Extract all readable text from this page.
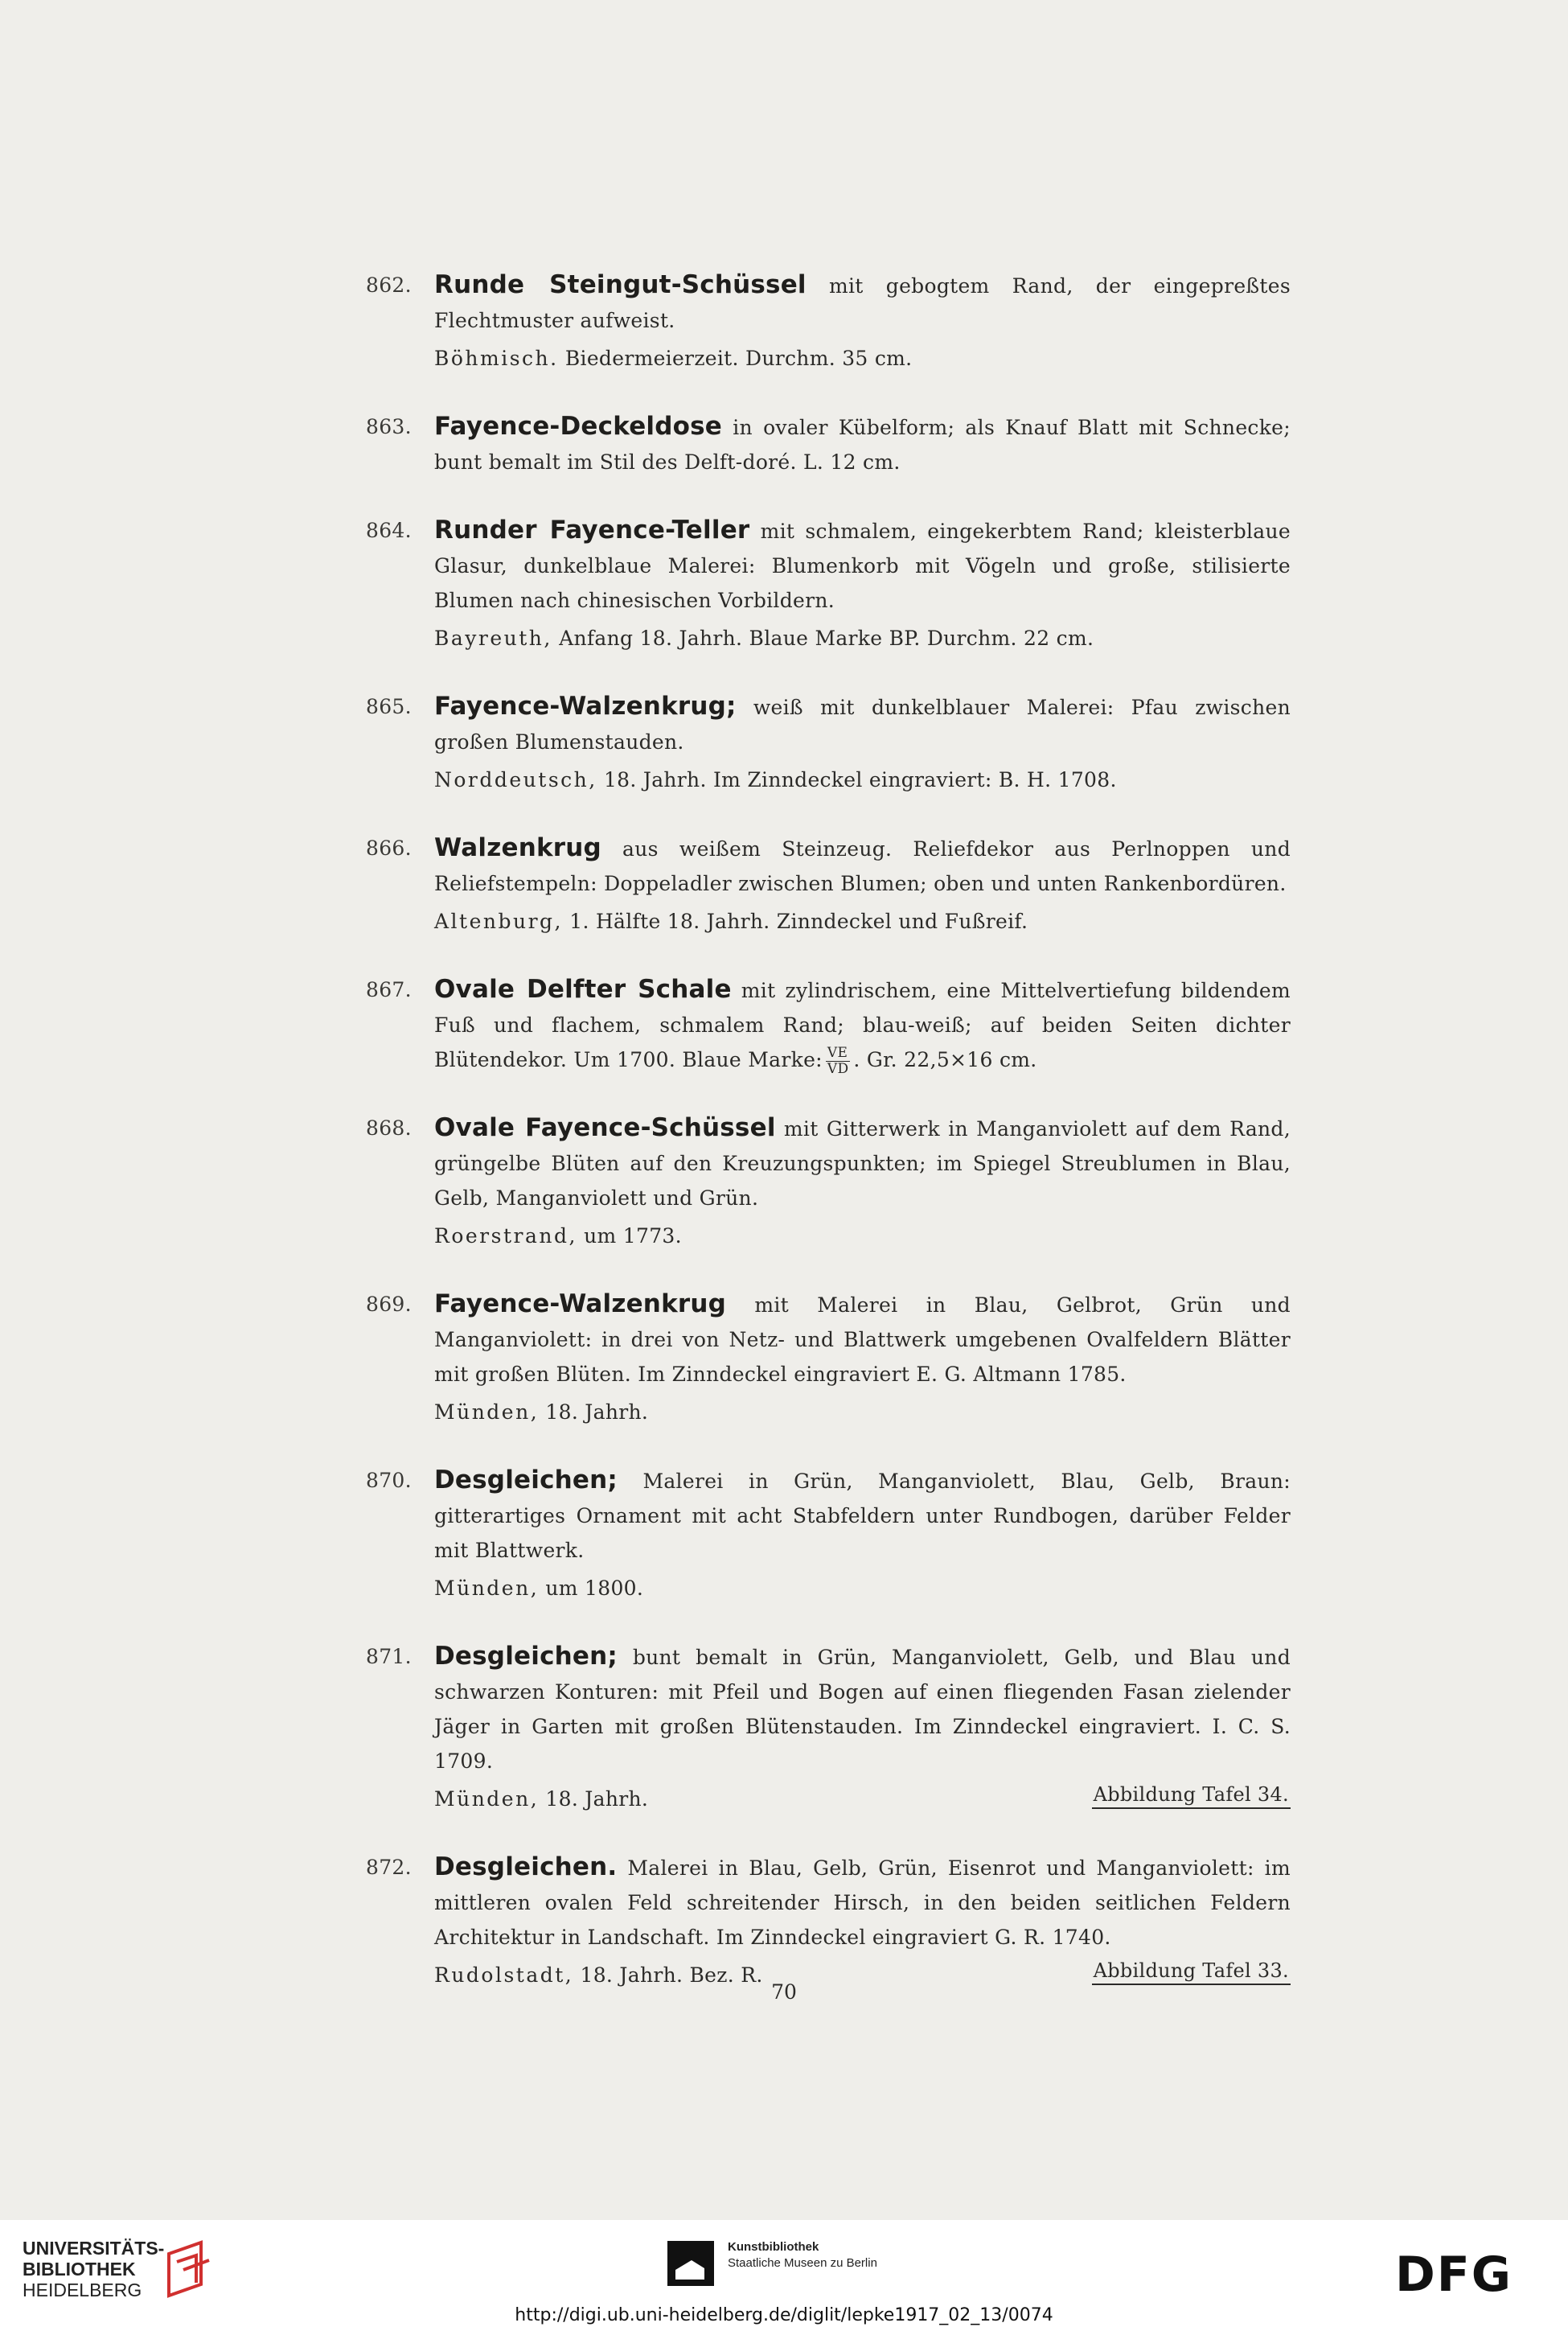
862. Runde Steingut-Schüssel mit gebogtem Rand, der eingepreßtes Flechtmuster aufweist.
Böhmisch. Biedermeierzeit. Durchm. 35 cm.
863. Fayence-Deckeldose in ovaler Kübelform; als Knauf Blatt mit Schnecke; bunt bemalt im Stil des Delft-doré. L. 12 cm.
864. Runder Fayence-Teller mit schmalem, eingekerbtem Rand; kleisterblaue Glasur, dunkelblaue Malerei: Blumenkorb mit Vögeln und große, stilisierte Blumen nach chinesischen Vorbildern.
Bayreuth, Anfang 18. Jahrh. Blaue Marke BP. Durchm. 22 cm.
865. Fayence-Walzenkrug; weiß mit dunkelblauer Malerei: Pfau zwischen großen Blumenstauden.
Norddeutsch, 18. Jahrh. Im Zinndeckel eingraviert: B. H. 1708.
866. Walzenkrug aus weißem Steinzeug. Reliefdekor aus Perlnoppen und Reliefstempeln: Doppeladler zwischen Blumen; oben und unten Rankenbordüren.
Altenburg, 1. Hälfte 18. Jahrh. Zinndeckel und Fußreif.
867. Ovale Delfter Schale mit zylindrischem, eine Mittelvertiefung bildendem Fuß und flachem, schmalem Rand; blau-weiß; auf beiden Seiten dichter Blütendekor. Um 1700. Blaue Marke: $\frac{VE}{VD}$ . Gr. 22,5×16 cm.
868. Ovale Fayence-Schüssel mit Gitterwerk in Manganviolett auf dem Rand, grüngelbe Blüten auf den Kreuzungspunkten; im Spiegel Streublumen in Blau, Gelb, Manganviolett und Grün.
Roerstrand, um 1773.
869. Fayence-Walzenkrug mit Malerei in Blau, Gelbrot, Grün und Manganviolett: in drei von Netz- und Blattwerk umgebenen Ovalfeldern Blätter mit großen Blüten. Im Zinndeckel eingraviert E. G. Altmann 1785.
Münden, 18. Jahrh.
870. Desgleichen; Malerei in Grün, Manganviolett, Blau, Gelb, Braun: gitterartiges Ornament mit acht Stabfeldern unter Rundbogen, darüber Felder mit Blattwerk.
Münden, um 1800.
871. Desgleichen; bunt bemalt in Grün, Manganviolett, Gelb, und Blau und schwarzen Konturen: mit Pfeil und Bogen auf einen fliegenden Fasan zielender Jäger in Garten mit großen Blütenstauden. Im Zinndeckel eingraviert. I. C. S. 1709.
Münden, 18. Jahrh.	Abbildung Tafel 34.
872. Desgleichen. Malerei in Blau, Gelb, Grün, Eisenrot und Manganviolett: im mittleren ovalen Feld schreitender Hirsch, in den beiden seitlichen Feldern Architektur in Landschaft. Im Zinndeckel eingraviert G. R. 1740.
Rudolstadt, 18. Jahrh. Bez. R.	Abbildung Tafel 33.
70
UNIVERSITÄTS-
BIBLIOTHEK
HEIDELBERG
Kunstbibliothek
Staatliche Museen zu Berlin	DFG
http://digi.ub.uni-heidelberg.de/diglit/lepke1917_02_13/0074
